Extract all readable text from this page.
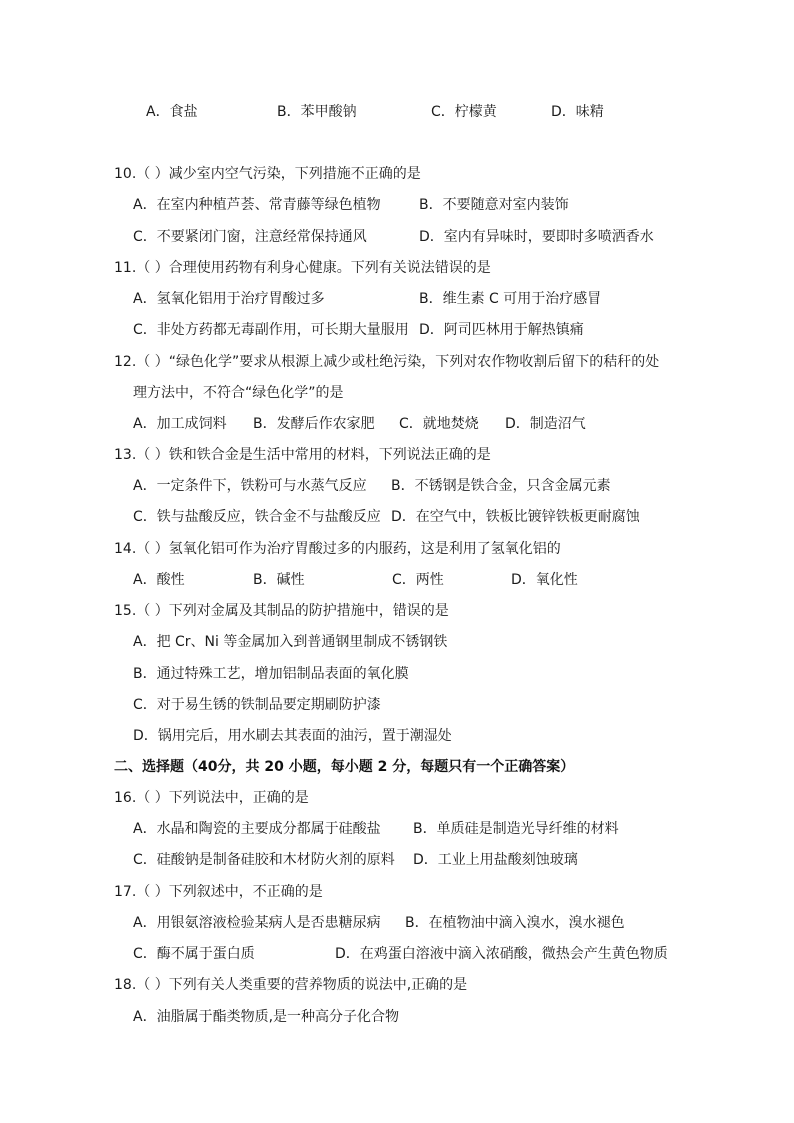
A．食盐	B．苯甲酸钠	C．柠檬黄	D．味精
10.（ ）减少室内空气污染，下列措施不正确的是
A．在室内种植芦荟、常青藤等绿色植物	B．不要随意对室内装饰
C．不要紧闭门窗，注意经常保持通风	D．室内有异味时，要即时多喷洒香水
11.（ ）合理使用药物有利身心健康。下列有关说法错误的是
A．氢氧化铝用于治疗胃酸过多	B．维生素 C 可用于治疗感冒
C．非处方药都无毒副作用，可长期大量服用 D．阿司匹林用于解热镇痛
12.（ ）“绿色化学”要求从根源上减少或杜绝污染，下列对农作物收割后留下的秸秆的处
理方法中，不符合“绿色化学”的是
A．加工成饲料 B．发酵后作农家肥 C．就地焚烧 D．制造沼气
13.（ ）铁和铁合金是生活中常用的材料，下列说法正确的是
A．一定条件下，铁粉可与水蒸气反应 B．不锈钢是铁合金，只含金属元素
C．铁与盐酸反应，铁合金不与盐酸反应 D．在空气中，铁板比镀锌铁板更耐腐蚀
14.（ ）氢氧化铝可作为治疗胃酸过多的内服药，这是利用了氢氧化铝的
A．酸性	B．碱性	C．两性	D．氧化性
15.（ ）下列对金属及其制品的防护措施中，错误的是
A．把 Cr、Ni 等金属加入到普通钢里制成不锈钢铁
B．通过特殊工艺，增加铝制品表面的氧化膜
C．对于易生锈的铁制品要定期刷防护漆
D．锅用完后，用水刷去其表面的油污，置于潮湿处
二、选择题（40分，共 20 小题，每小题 2 分，每题只有一个正确答案）
16.（ ）下列说法中，正确的是
A．水晶和陶瓷的主要成分都属于硅酸盐 B．单质硅是制造光导纤维的材料
C．硅酸钠是制备硅胶和木材防火剂的原料 D．工业上用盐酸刻蚀玻璃
17.（ ）下列叙述中，不正确的是
A．用银氨溶液检验某病人是否患糖尿病 B．在植物油中滴入溴水，溴水褪色
C．酶不属于蛋白质	D．在鸡蛋白溶液中滴入浓硝酸，微热会产生黄色物质
18.（ ）下列有关人类重要的营养物质的说法中,正确的是
A．油脂属于酯类物质,是一种高分子化合物
